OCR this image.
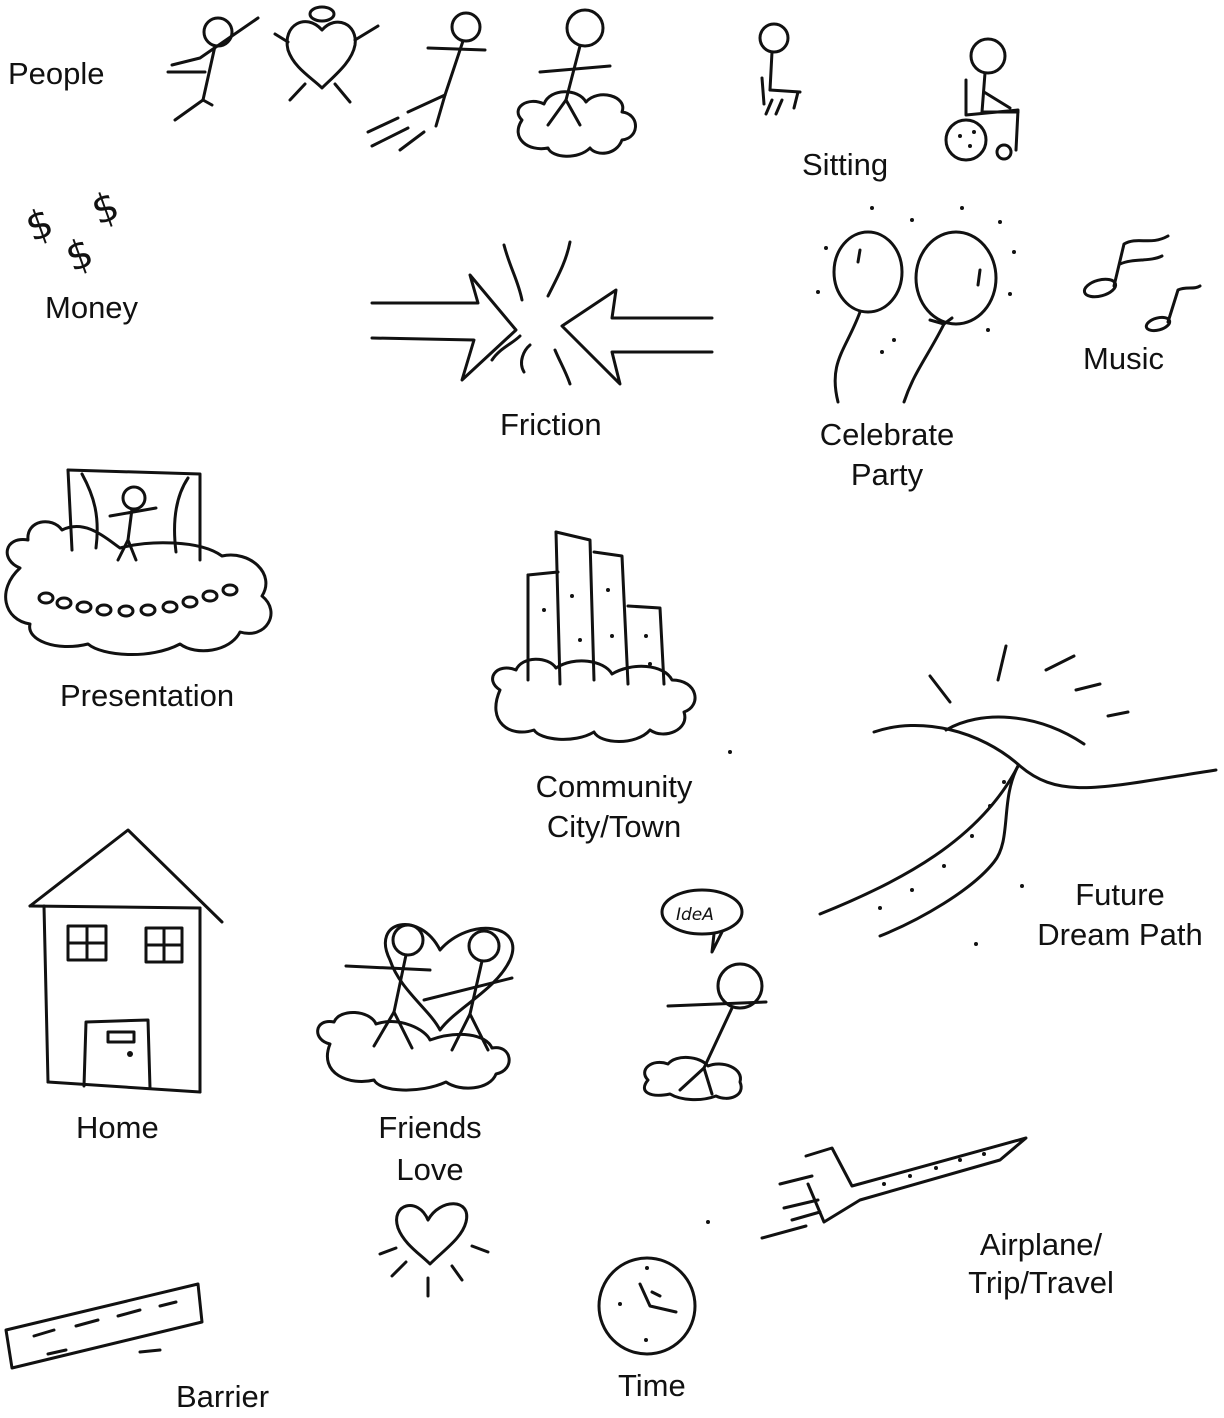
$ $
$
IdeA
People
Sitting
Money
Friction
Music
Celebrate
Party
Presentation
Community
City/Town
Future
Dream Path
Home	Friends
Love
Airplane/
Trip/Travel
Barrier	Time
